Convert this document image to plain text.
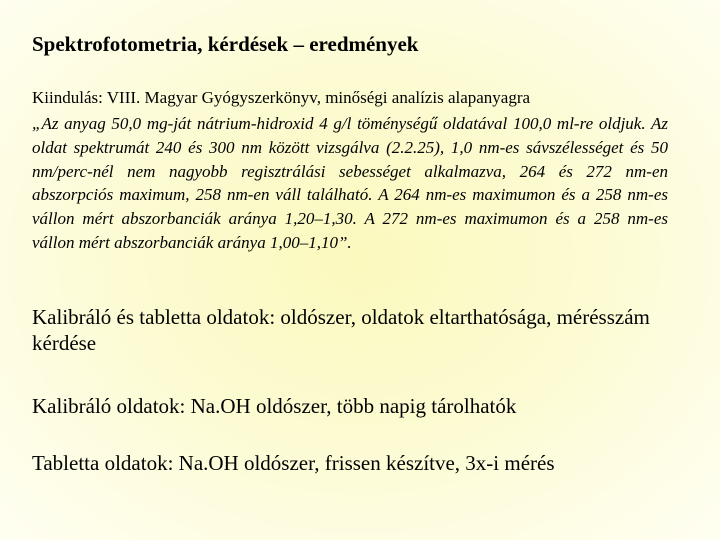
Spektrofotometria, kérdések – eredmények
Kiindulás: VIII. Magyar Gyógyszerkönyv, minőségi analízis alapanyagra

„Az anyag 50,0 mg-ját nátrium-hidroxid 4 g/l töménységű oldatával 100,0 ml-re oldjuk. Az oldat spektrumát 240 és 300 nm között vizsgálva (2.2.25), 1,0 nm-es sávszélességet és 50 nm/perc-nél nem nagyobb regisztrálási sebességet alkalmazva, 264 és 272 nm-en abszorpciós maximum, 258 nm-en váll található. A 264 nm-es maximumon és a 258 nm-es vállon mért abszorbanciák aránya 1,20–1,30. A 272 nm-es maximumon és a 258 nm-es vállon mért abszorbanciák aránya 1,00–1,10”.

Kalibráló és tabletta oldatok: oldószer, oldatok eltarthatósága, mérésszám kérdése

Kalibráló oldatok: Na.OH oldószer, több napig tárolhatók

Tabletta oldatok: Na.OH oldószer, frissen készítve, 3x-i mérés
